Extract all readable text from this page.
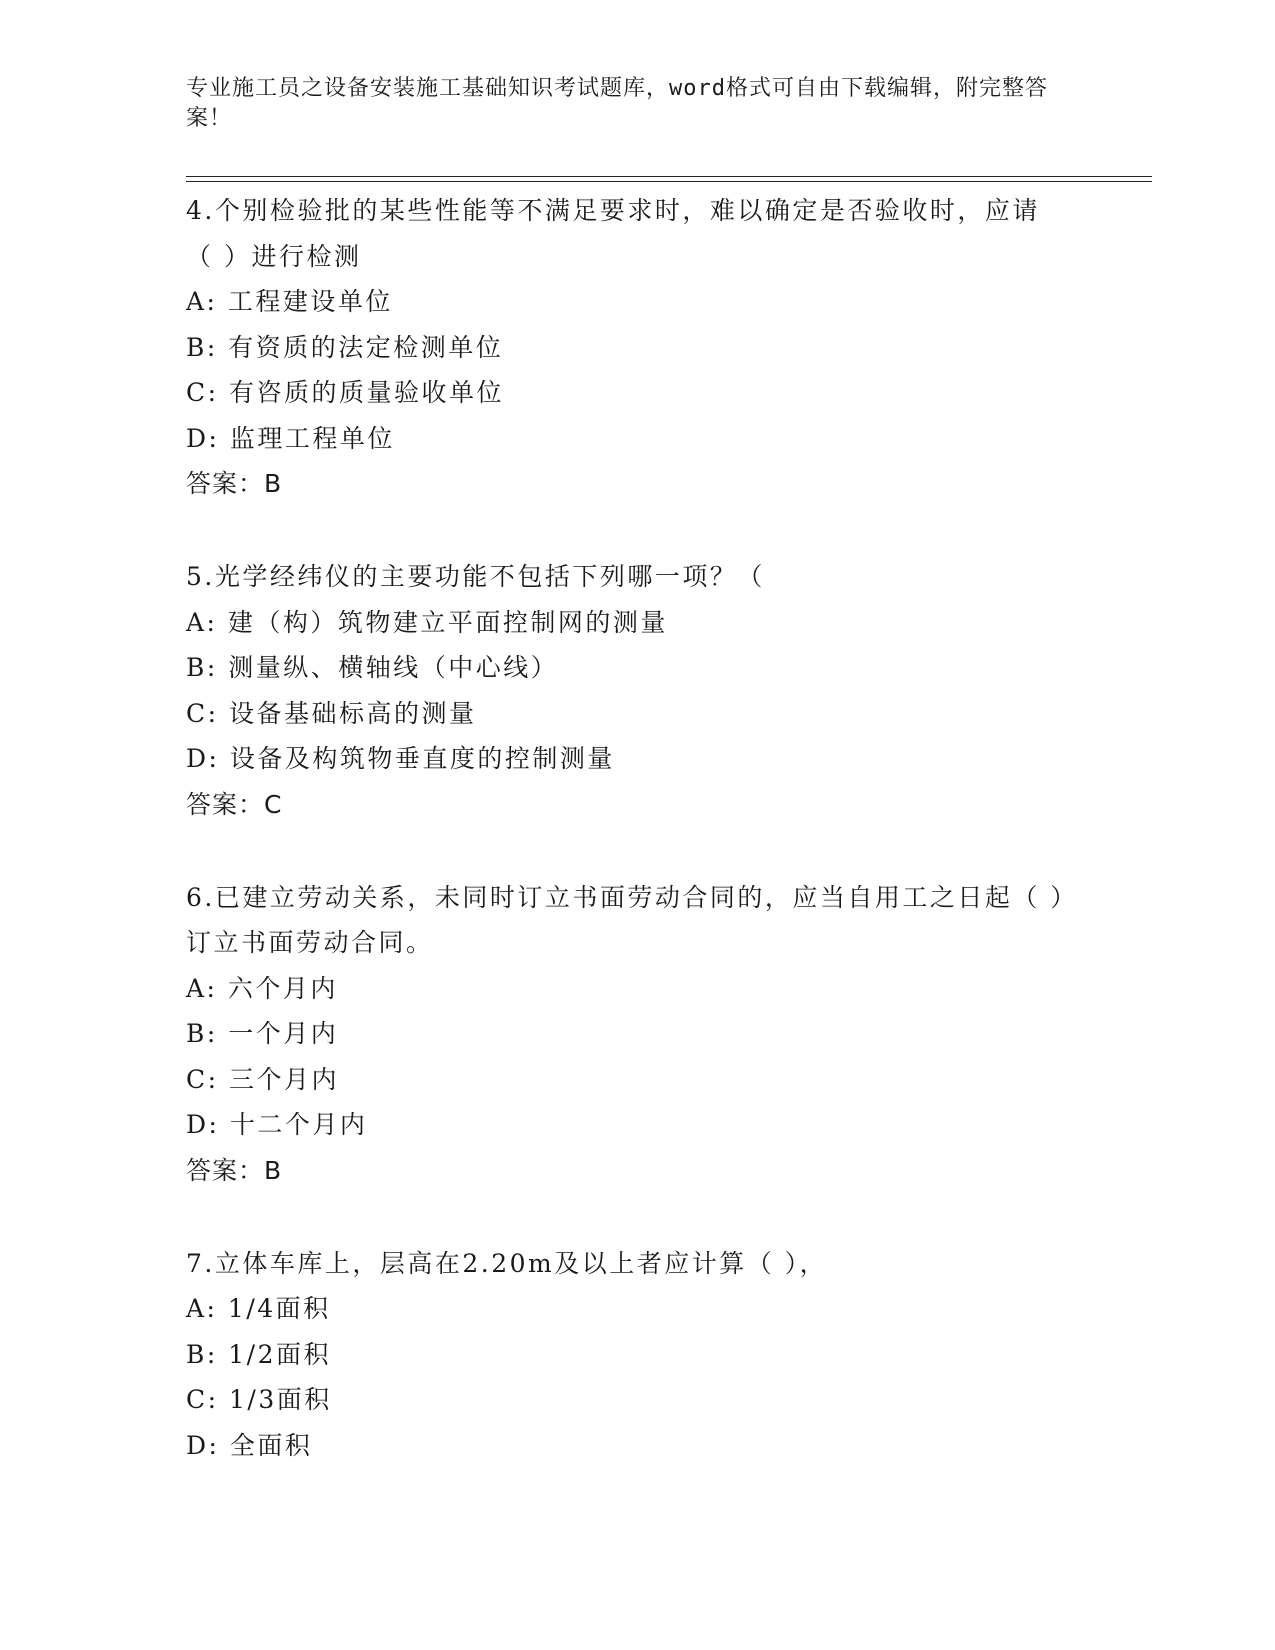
专业施工员之设备安装施工基础知识考试题库，word格式可自由下载编辑，附完整答案！
4.个别检验批的某些性能等不满足要求时，难以确定是否验收时，应请（ ）进行检测
A: 工程建设单位
B: 有资质的法定检测单位
C: 有咨质的质量验收单位
D: 监理工程单位
答案：B
5.光学经纬仪的主要功能不包括下列哪一项？（
A: 建（构）筑物建立平面控制网的测量
B: 测量纵、横轴线（中心线）
C: 设备基础标高的测量
D: 设备及构筑物垂直度的控制测量
答案：C
6.已建立劳动关系，未同时订立书面劳动合同的，应当自用工之日起（ ）订立书面劳动合同。
A: 六个月内
B: 一个月内
C: 三个月内
D: 十二个月内
答案：B
7.立体车库上，层高在2.20m及以上者应计算（ ），
A: 1/4面积
B: 1/2面积
C: 1/3面积
D: 全面积
